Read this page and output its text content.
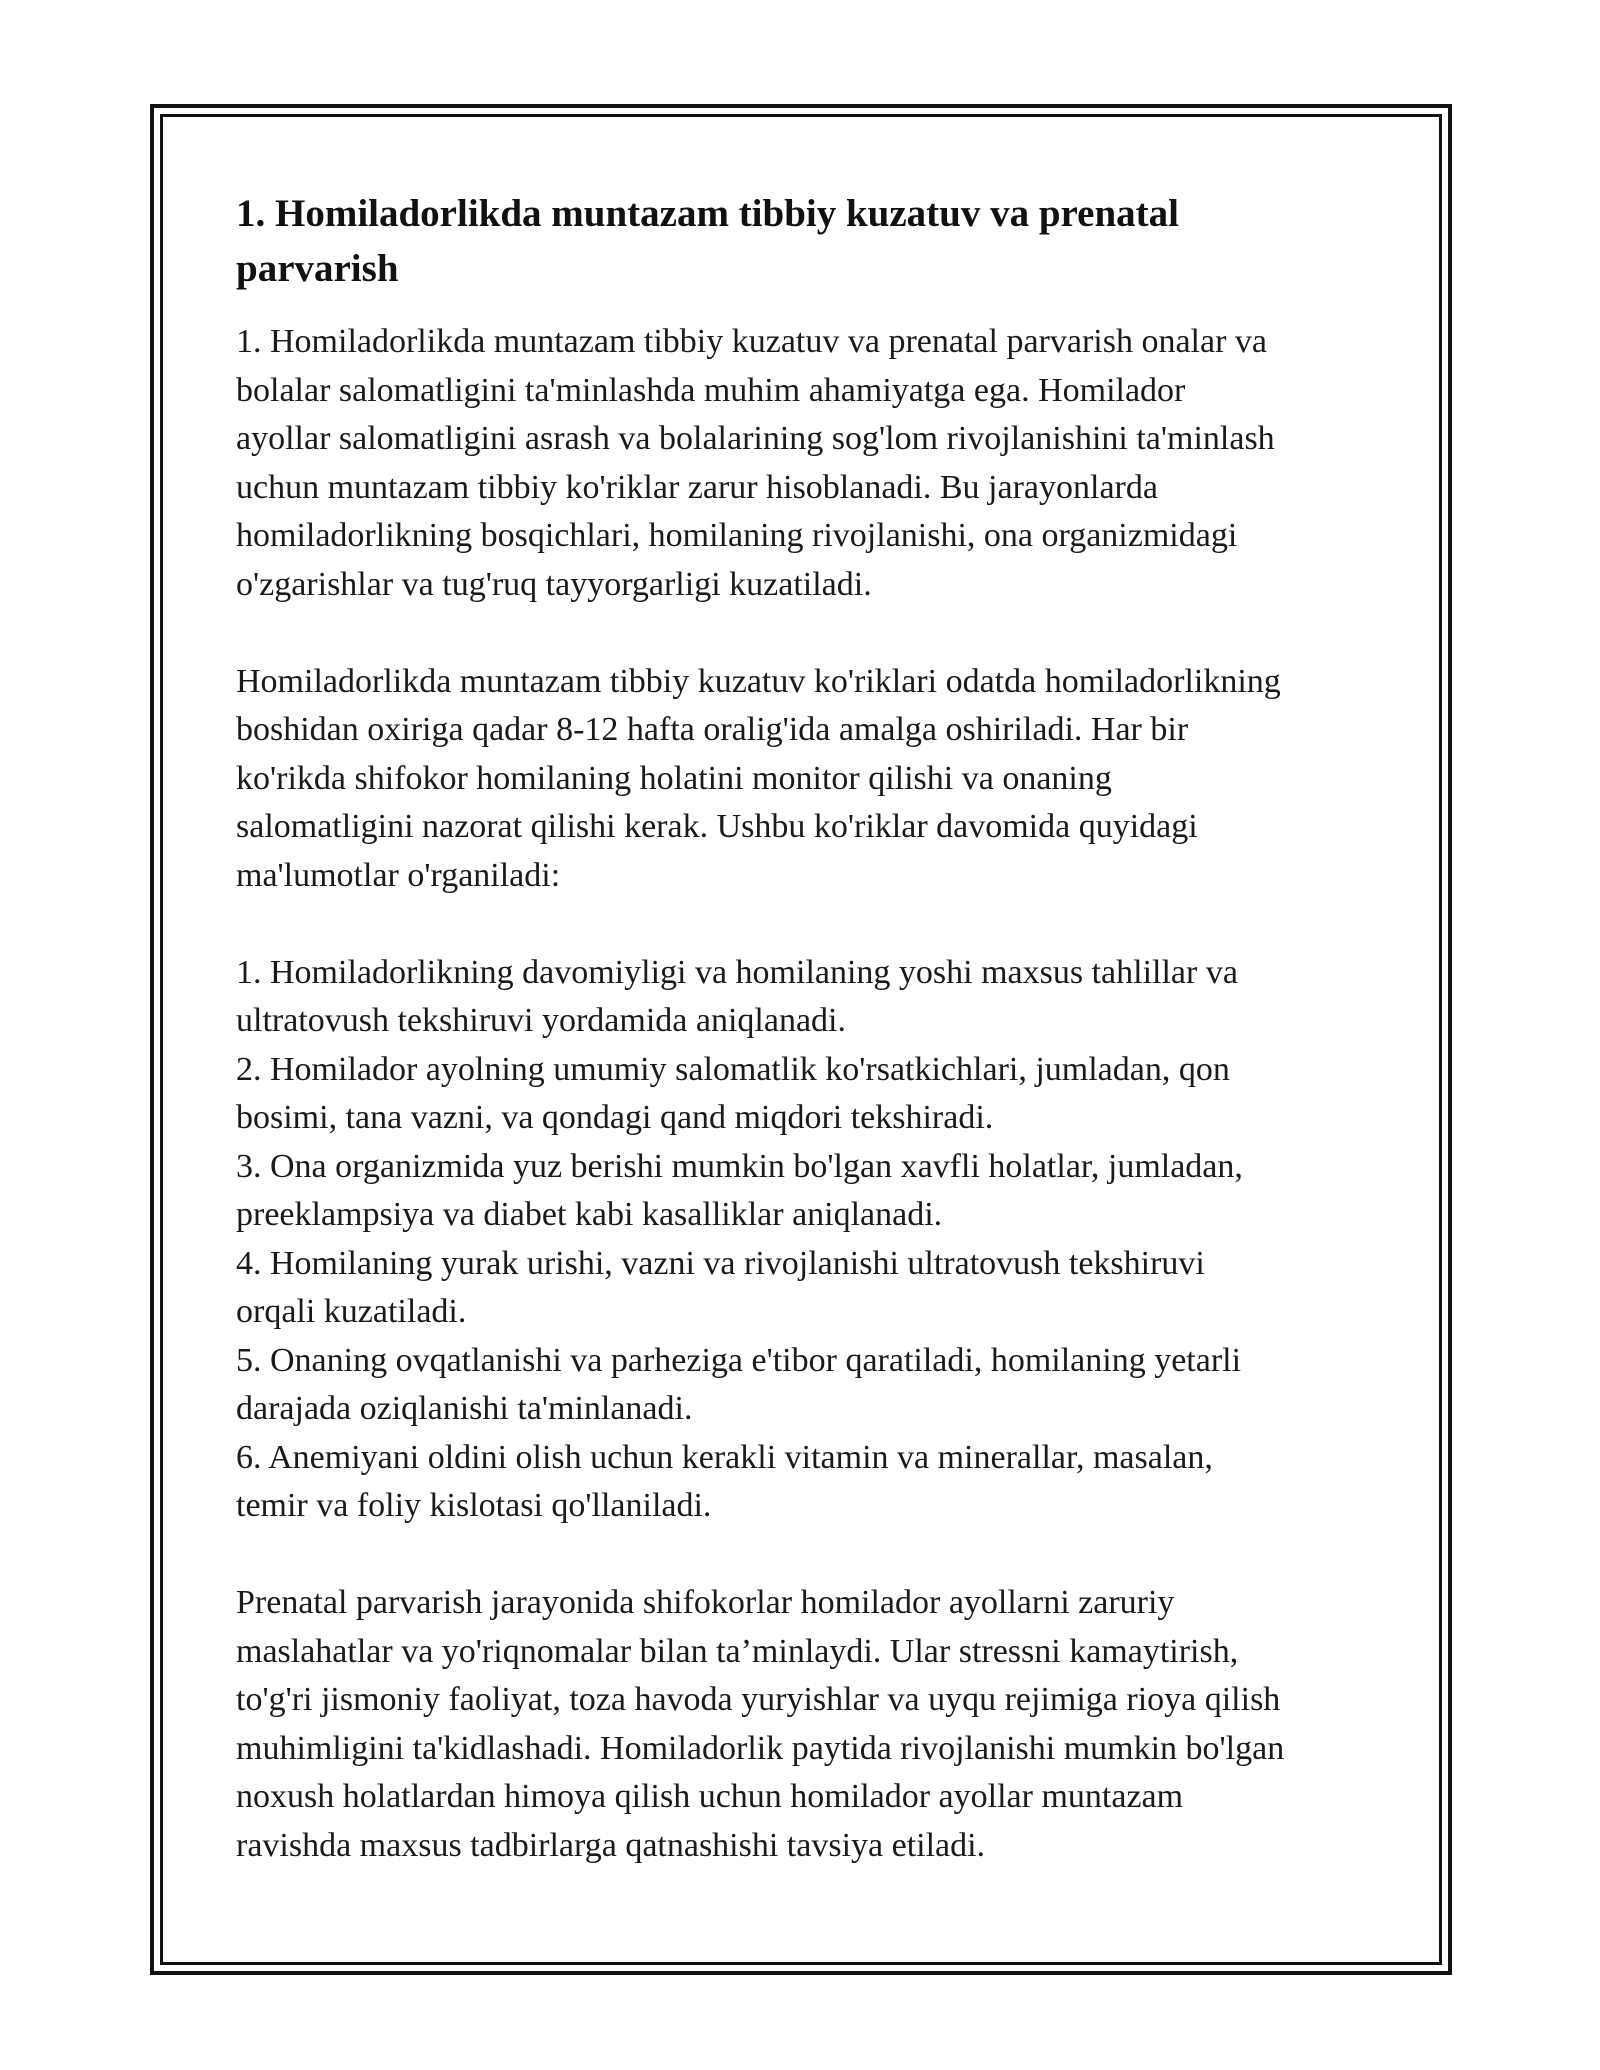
1. Homiladorlikda muntazam tibbiy kuzatuv va prenatal
parvarish

1. Homiladorlikda muntazam tibbiy kuzatuv va prenatal parvarish onalar va
bolalar salomatligini ta'minlashda muhim ahamiyatga ega. Homilador
ayollar salomatligini asrash va bolalarining sog'lom rivojlanishini ta'minlash
uchun muntazam tibbiy ko'riklar zarur hisoblanadi. Bu jarayonlarda
homiladorlikning bosqichlari, homilaning rivojlanishi, ona organizmidagi
o'zgarishlar va tug'ruq tayyorgarligi kuzatiladi.

Homiladorlikda muntazam tibbiy kuzatuv ko'riklari odatda homiladorlikning
boshidan oxiriga qadar 8-12 hafta oralig'ida amalga oshiriladi. Har bir
ko'rikda shifokor homilaning holatini monitor qilishi va onaning
salomatligini nazorat qilishi kerak. Ushbu ko'riklar davomida quyidagi
ma'lumotlar o'rganiladi:

1. Homiladorlikning davomiyligi va homilaning yoshi maxsus tahlillar va
ultratovush tekshiruvi yordamida aniqlanadi.
2. Homilador ayolning umumiy salomatlik ko'rsatkichlari, jumladan, qon
bosimi, tana vazni, va qondagi qand miqdori tekshiradi.
3. Ona organizmida yuz berishi mumkin bo'lgan xavfli holatlar, jumladan,
preeklampsiya va diabet kabi kasalliklar aniqlanadi.
4. Homilaning yurak urishi, vazni va rivojlanishi ultratovush tekshiruvi
orqali kuzatiladi.
5. Onaning ovqatlanishi va parheziga e'tibor qaratiladi, homilaning yetarli
darajada oziqlanishi ta'minlanadi.
6. Anemiyani oldini olish uchun kerakli vitamin va minerallar, masalan,
temir va foliy kislotasi qo'llaniladi.

Prenatal parvarish jarayonida shifokorlar homilador ayollarni zaruriy
maslahatlar va yo'riqnomalar bilan ta’minlaydi. Ular stressni kamaytirish,
to'g'ri jismoniy faoliyat, toza havoda yuryishlar va uyqu rejimiga rioya qilish
muhimligini ta'kidlashadi. Homiladorlik paytida rivojlanishi mumkin bo'lgan
noxush holatlardan himoya qilish uchun homilador ayollar muntazam
ravishda maxsus tadbirlarga qatnashishi tavsiya etiladi.
